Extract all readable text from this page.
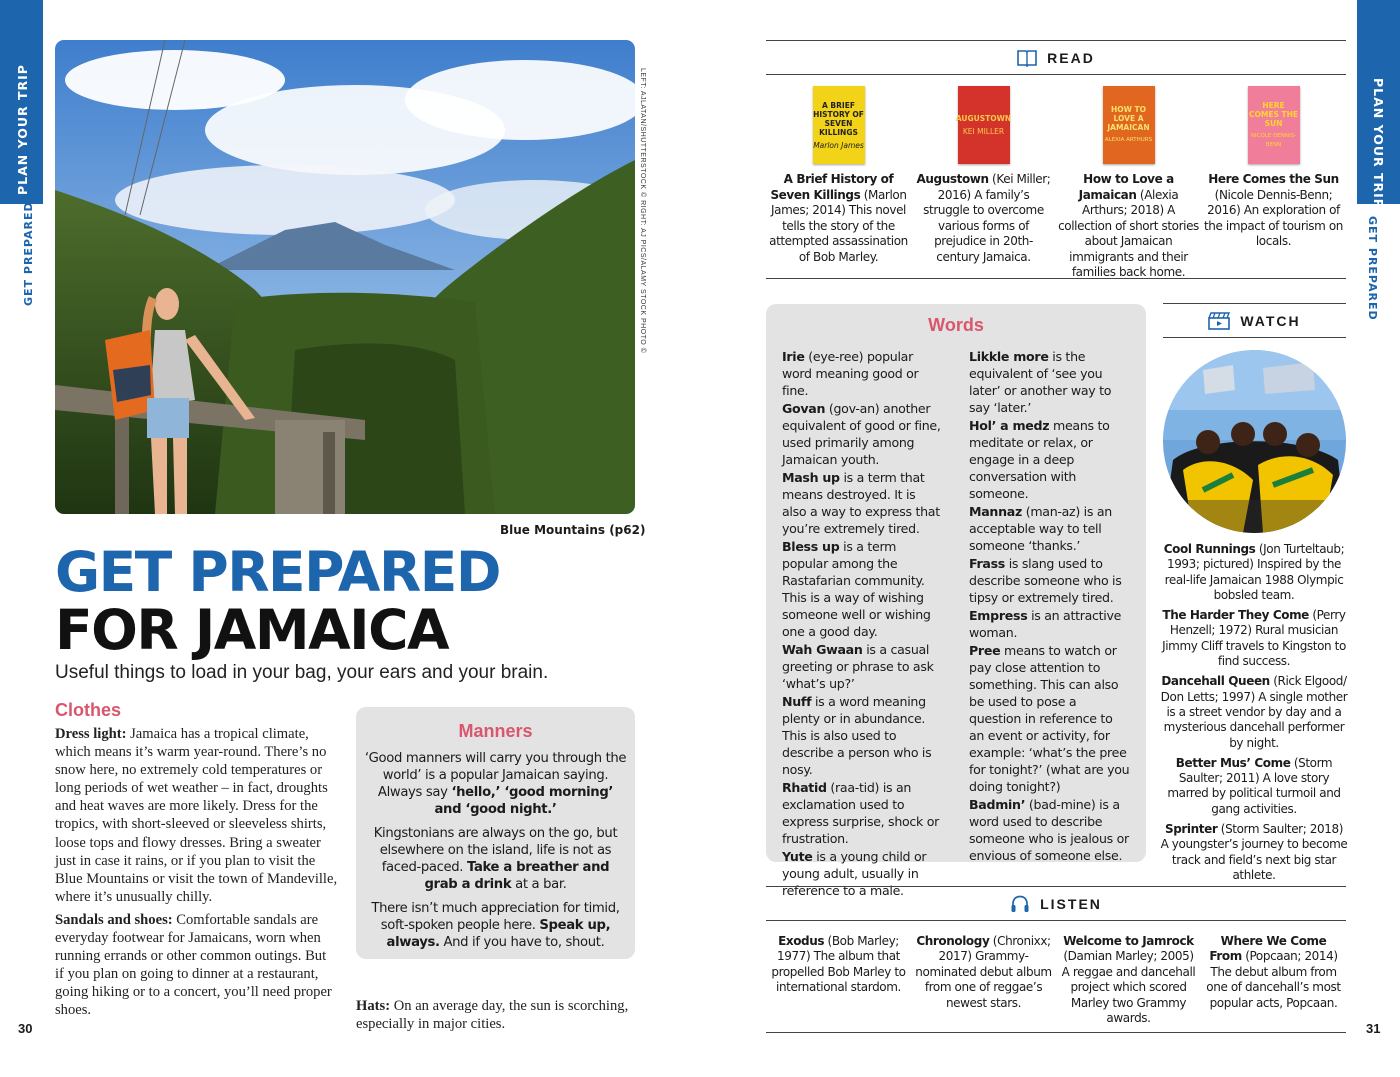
PLAN YOUR TRIP
GET PREPARED
PLAN YOUR TRIP
GET PREPARED
30	31
LEFT: AJLATAN/SHUTTERSTOCK © RIGHT: AJ PICS/ALAMY STOCK PHOTO ©
Blue Mountains (p62)
GET PREPARED
FOR JAMAICA

Useful things to load in your bag, your ears and your brain.

Clothes

Dress light: Jamaica has a tropical climate, which means it’s warm year-round. There’s no snow here, no extremely cold temperatures or long periods of wet weather – in fact, droughts and heat waves are more likely. Dress for the tropics, with short-sleeved or sleeveless shirts, loose tops and flowy dresses. Bring a sweater just in case it rains, or if you plan to visit the Blue Mountains or visit the town of Mandeville, where it’s unusually chilly.

Sandals and shoes: Comfortable sandals are everyday footwear for Jamaicans, worn when running errands or other common outings. But if you plan on going to dinner at a restaurant, going hiking or to a concert, you’ll need proper shoes.

Manners

‘Good manners will carry you through the world’ is a popular Jamaican saying. Always say ‘hello,’ ‘good morning’ and ‘good night.’

Kingstonians are always on the go, but elsewhere on the island, life is not as faced-paced. Take a breather and grab a drink at a bar.

There isn’t much appreciation for timid, soft-spoken people here. Speak up, always. And if you have to, shout.

Hats: On an average day, the sun is scorching, especially in major cities.

READ
A BRIEF HISTORY OF SEVEN KILLINGS
Marlon James
A Brief History of Seven Killings (Marlon James; 2014) This novel tells the story of the attempted assassination of Bob Marley.
AUGUSTOWN
KEI MILLER
Augustown (Kei Miller; 2016) A family’s struggle to overcome various forms of prejudice in 20th-century Jamaica.
HOW TO LOVE A JAMAICAN
ALEXIA ARTHURS
How to Love a Jamaican (Alexia Arthurs; 2018) A collection of short stories about Jamaican immigrants and their families back home.
HERE COMES THE SUN
NICOLE DENNIS-BENN
Here Comes the Sun (Nicole Dennis-Benn; 2016) An exploration of the impact of tourism on locals.
Words

Irie (eye-ree) popular word meaning good or fine.

Govan (gov-an) another equivalent of good or fine, used primarily among Jamaican youth.

Mash up is a term that means destroyed. It is also a way to express that you’re extremely tired.

Bless up is a term popular among the Rastafarian community. This is a way of wishing someone well or wishing one a good day.

Wah Gwaan is a casual greeting or phrase to ask ‘what’s up?’

Nuff is a word meaning plenty or in abundance. This is also used to describe a person who is nosy.

Rhatid (raa-tid) is an exclamation used to express surprise, shock or frustration.

Yute is a young child or young adult, usually in reference to a male.

Likkle more is the equivalent of ‘see you later’ or another way to say ‘later.’

Hol’ a medz means to meditate or relax, or engage in a deep conversation with someone.

Mannaz (man-az) is an acceptable way to tell someone ‘thanks.’

Frass is slang used to describe someone who is tipsy or extremely tired.

Empress is an attractive woman.

Pree means to watch or pay close attention to something. This can also be used to pose a question in reference to an event or activity, for example: ‘what’s the pree for tonight?’ (what are you doing tonight?)

Badmin’ (bad-mine) is a word used to describe someone who is jealous or envious of someone else.

WATCH

Cool Runnings (Jon Turteltaub; 1993; pictured) Inspired by the real-life Jamaican 1988 Olympic bobsled team.

The Harder They Come (Perry Henzell; 1972) Rural musician Jimmy Cliff travels to Kingston to find success.

Dancehall Queen (Rick Elgood/ Don Letts; 1997) A single mother is a street vendor by day and a mysterious dancehall performer by night.

Better Mus’ Come (Storm Saulter; 2011) A love story marred by political turmoil and gang activities.

Sprinter (Storm Saulter; 2018) A youngster’s journey to become track and field’s next big star athlete.

LISTEN
Exodus (Bob Marley; 1977) The album that propelled Bob Marley to international stardom.
Chronology (Chronixx; 2017) Grammy-nominated debut album from one of reggae’s newest stars.
Welcome to Jamrock (Damian Marley; 2005) A reggae and dancehall project which scored Marley two Grammy awards.
Where We Come From (Popcaan; 2014) The debut album from one of dancehall’s most popular acts, Popcaan.
